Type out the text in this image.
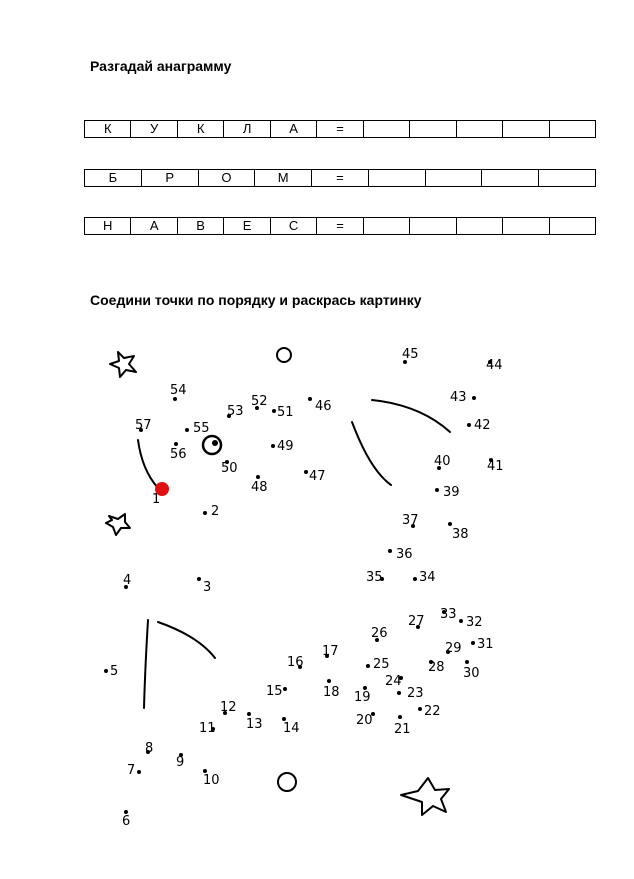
Разгадай анаграмму
К	У	К	Л	А	=					
Б	Р	О	М	=				
Н	А	В	Е	С	=					
Соедини точки по порядку и раскрась картинку
1
2
3
4
5
6
7
8
9
10
11
12
13 14
15
16
17
18 19
20
21
22
23
24
25
26
27
28
29
30
31
32
33
34
35
36
37
38
39
40	41
42
43
44
45
46
47
48
49
50
51
52
53
54
55
56
57
